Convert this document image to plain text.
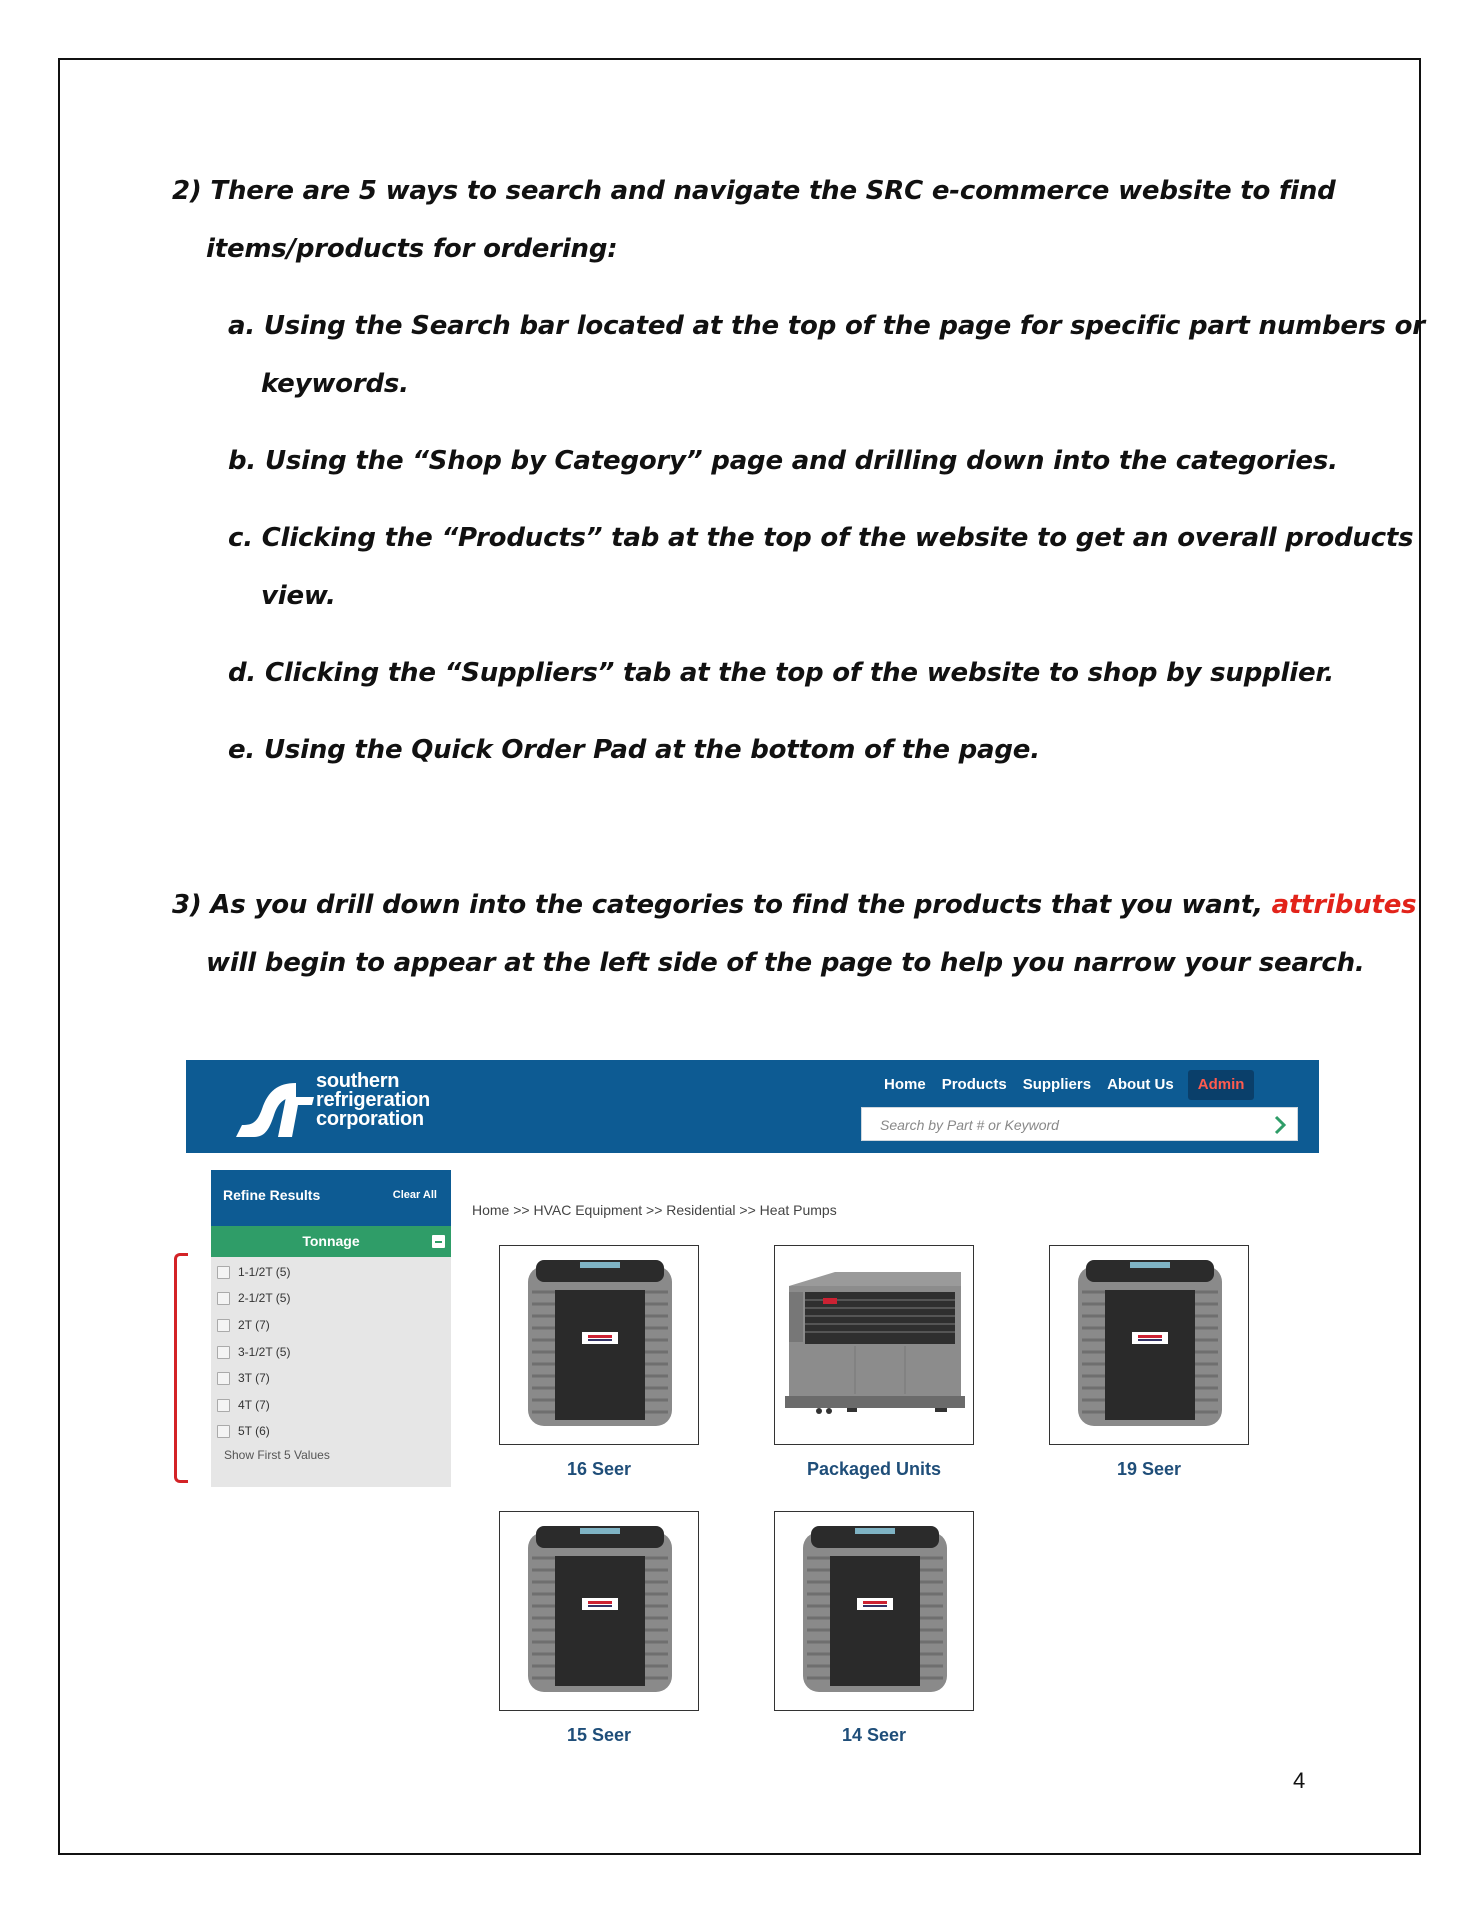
2) There are 5 ways to search and navigate the SRC e-commerce website to find
items/products for ordering:
a. Using the Search bar located at the top of the page for specific part numbers or
keywords.
b. Using the “Shop by Category” page and drilling down into the categories.
c. Clicking the “Products” tab at the top of the website to get an overall products
view.
d. Clicking the “Suppliers” tab at the top of the website to shop by supplier.
e. Using the Quick Order Pad at the bottom of the page.
3) As you drill down into the categories to find the products that you want, attributes
will begin to appear at the left side of the page to help you narrow your search.
4
southern
refrigeration
corporation
Home	Products	Suppliers	About Us	Admin
Search by Part # or Keyword
Refine Results	Clear All
Tonnage
1-1/2T (5)
2-1/2T (5)
2T (7)
3-1/2T (5)
3T (7)
4T (7)
5T (6)
Show First 5 Values
Home >> HVAC Equipment >> Residential >> Heat Pumps
16 Seer	Packaged Units	19 Seer
15 Seer	14 Seer
